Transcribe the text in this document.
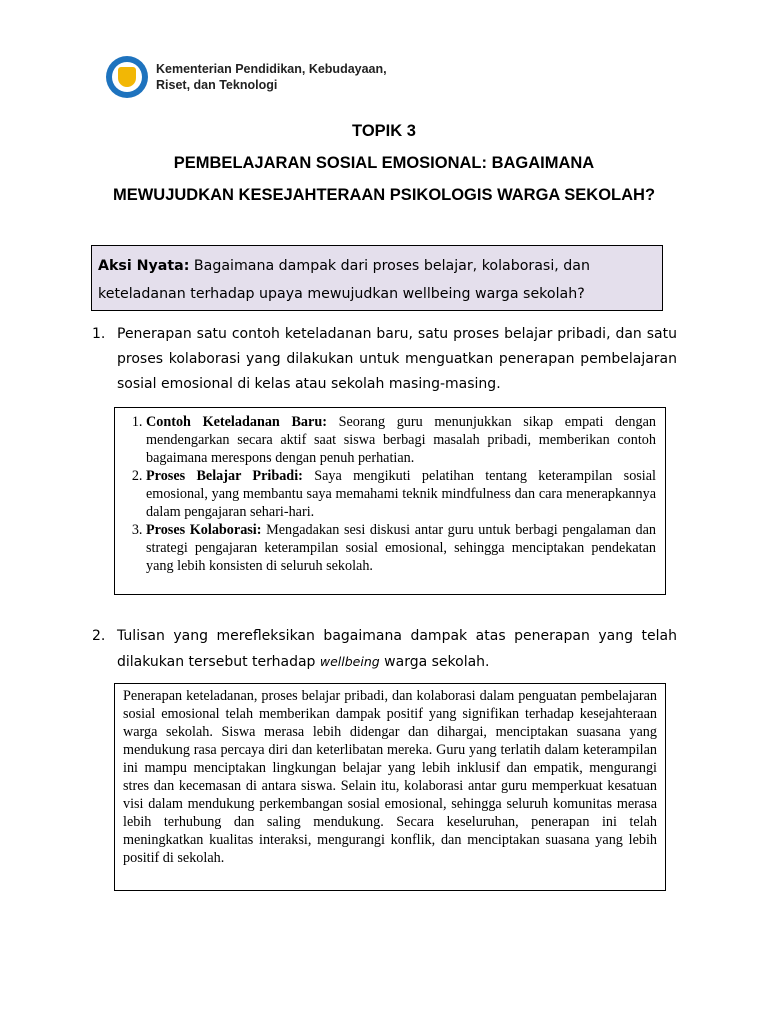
Kementerian Pendidikan, Kebudayaan,
Riset, dan Teknologi
TOPIK 3
PEMBELAJARAN SOSIAL EMOSIONAL: BAGAIMANA
MEWUJUDKAN KESEJAHTERAAN PSIKOLOGIS WARGA SEKOLAH?
Aksi Nyata: Bagaimana dampak dari proses belajar, kolaborasi, dan keteladanan terhadap upaya mewujudkan wellbeing warga sekolah?
1. Penerapan satu contoh keteladanan baru, satu proses belajar pribadi, dan satu proses kolaborasi yang dilakukan untuk menguatkan penerapan pembelajaran sosial emosional di kelas atau sekolah masing-masing.
1. Contoh Keteladanan Baru: Seorang guru menunjukkan sikap empati dengan mendengarkan secara aktif saat siswa berbagi masalah pribadi, memberikan contoh bagaimana merespons dengan penuh perhatian.
2. Proses Belajar Pribadi: Saya mengikuti pelatihan tentang keterampilan sosial emosional, yang membantu saya memahami teknik mindfulness dan cara menerapkannya dalam pengajaran sehari-hari.
3. Proses Kolaborasi: Mengadakan sesi diskusi antar guru untuk berbagi pengalaman dan strategi pengajaran keterampilan sosial emosional, sehingga menciptakan pendekatan yang lebih konsisten di seluruh sekolah.
2. Tulisan yang merefleksikan bagaimana dampak atas penerapan yang telah dilakukan tersebut terhadap wellbeing warga sekolah.
Penerapan keteladanan, proses belajar pribadi, dan kolaborasi dalam penguatan pembelajaran sosial emosional telah memberikan dampak positif yang signifikan terhadap kesejahteraan warga sekolah. Siswa merasa lebih didengar dan dihargai, menciptakan suasana yang mendukung rasa percaya diri dan keterlibatan mereka. Guru yang terlatih dalam keterampilan ini mampu menciptakan lingkungan belajar yang lebih inklusif dan empatik, mengurangi stres dan kecemasan di antara siswa. Selain itu, kolaborasi antar guru memperkuat kesatuan visi dalam mendukung perkembangan sosial emosional, sehingga seluruh komunitas merasa lebih terhubung dan saling mendukung. Secara keseluruhan, penerapan ini telah meningkatkan kualitas interaksi, mengurangi konflik, dan menciptakan suasana yang lebih positif di sekolah.
